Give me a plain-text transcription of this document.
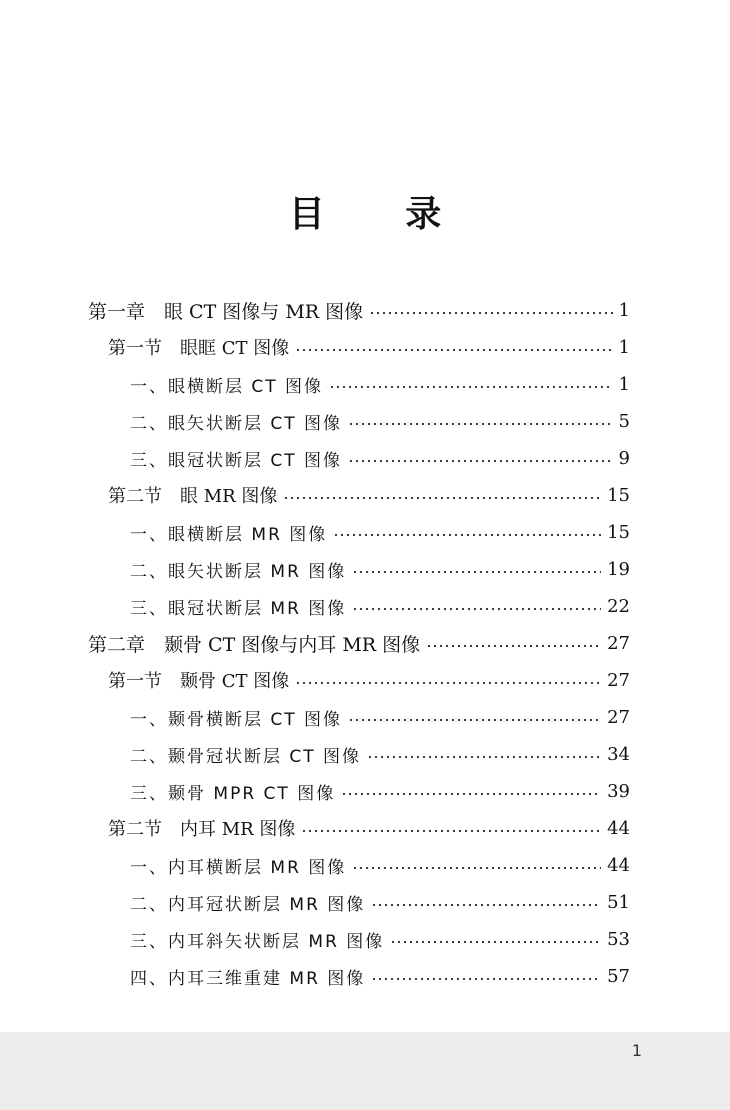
目 录
第一章　眼 CT 图像与 MR 图像	1
第一节　眼眶 CT 图像	1
一、眼横断层 CT 图像	1
二、眼矢状断层 CT 图像	5
三、眼冠状断层 CT 图像	9
第二节　眼 MR 图像	15
一、眼横断层 MR 图像	15
二、眼矢状断层 MR 图像	19
三、眼冠状断层 MR 图像	22
第二章　颞骨 CT 图像与内耳 MR 图像	27
第一节　颞骨 CT 图像	27
一、颞骨横断层 CT 图像	27
二、颞骨冠状断层 CT 图像	34
三、颞骨 MPR CT 图像	39
第二节　内耳 MR 图像	44
一、内耳横断层 MR 图像	44
二、内耳冠状断层 MR 图像	51
三、内耳斜矢状断层 MR 图像	53
四、内耳三维重建 MR 图像	57
1
